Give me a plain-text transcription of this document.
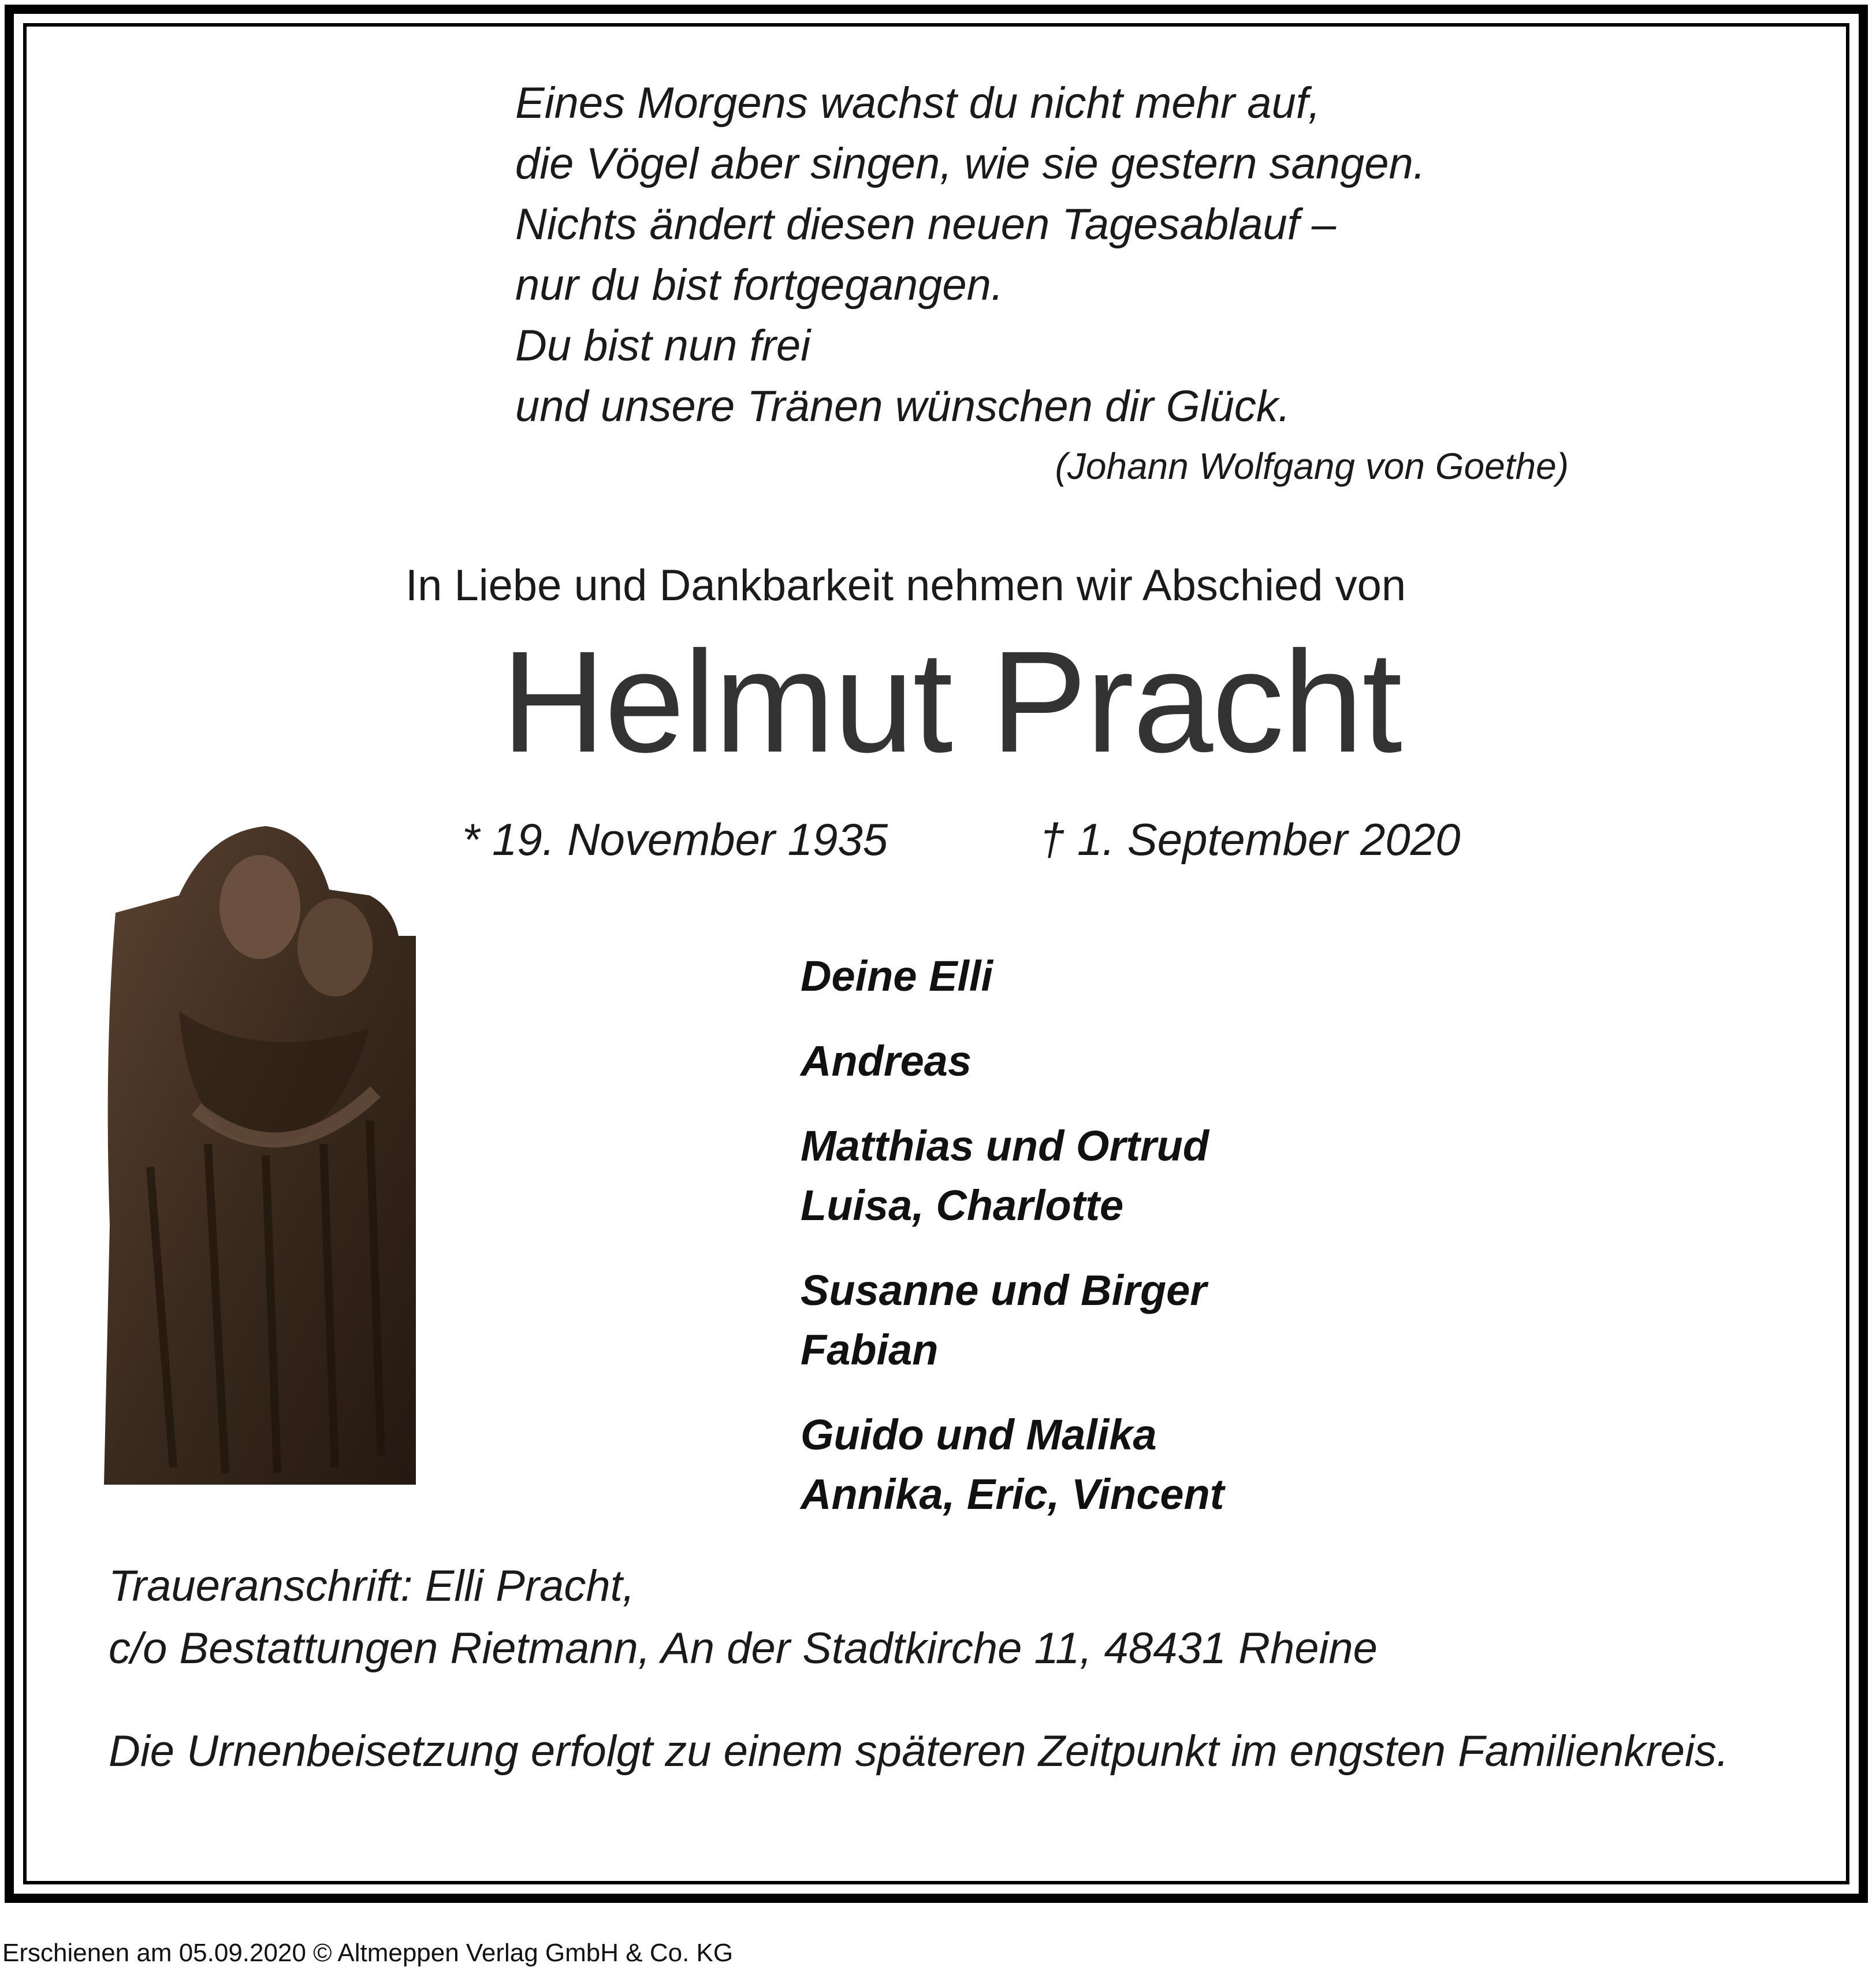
Eines Morgens wachst du nicht mehr auf,
die Vögel aber singen, wie sie gestern sangen.
Nichts ändert diesen neuen Tagesablauf –
nur du bist fortgegangen.
Du bist nun frei
und unsere Tränen wünschen dir Glück.
(Johann Wolfgang von Goethe)
In Liebe und Dankbarkeit nehmen wir Abschied von
Helmut Pracht
* 19. November 1935	† 1. September 2020
Deine Elli
Andreas
Matthias und Ortrud
Luisa, Charlotte
Susanne und Birger
Fabian
Guido und Malika
Annika, Eric, Vincent
Traueranschrift: Elli Pracht,
c/o Bestattungen Rietmann, An der Stadtkirche 11, 48431 Rheine
Die Urnenbeisetzung erfolgt zu einem späteren Zeitpunkt im engsten Familienkreis.
Erschienen am 05.09.2020 © Altmeppen Verlag GmbH & Co. KG
